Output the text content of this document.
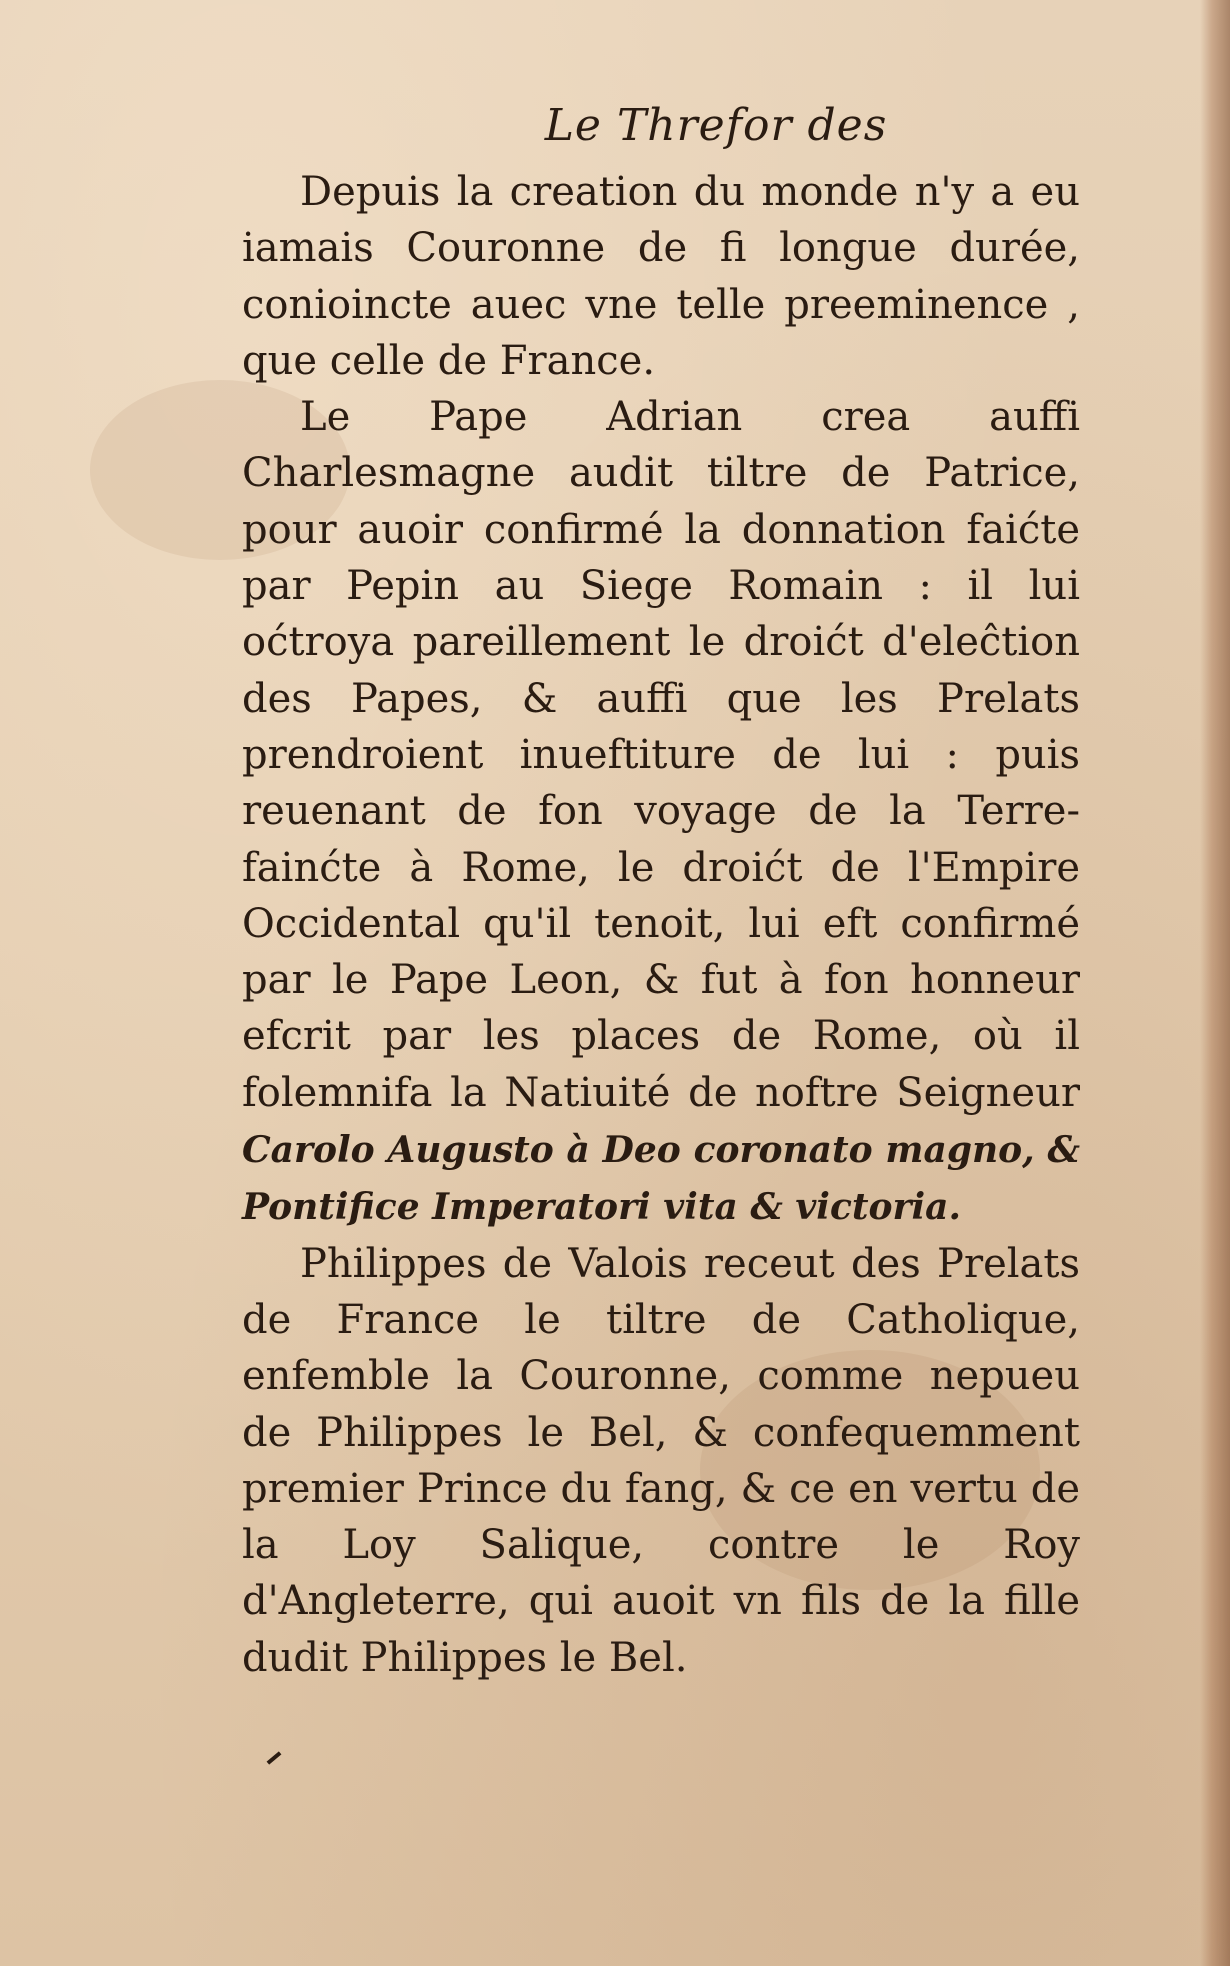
Le Threfor des

Depuis la creation du monde n'y a eu iamais Couronne de fi longue durée, conioincte auec vne telle preeminence , que celle de France.

Le Pape Adrian crea auffi Charlesmagne audit tiltre de Patrice, pour auoir confirmé la donnation faićte par Pepin au Siege Romain : il lui oćtroya pareillement le droićt d'eleĉtion des Papes, & auffi que les Prelats prendroient inueftiture de lui : puis reuenant de fon voyage de la Terre-fainćte à Rome, le droićt de l'Empire Occidental qu'il tenoit, lui eft confirmé par le Pape Leon, & fut à fon honneur efcrit par les places de Rome, où il folemnifa la Natiuité de noftre Seigneur Carolo Augusto à Deo coronato magno, & Pontifice Imperatori vita & victoria.

Philippes de Valois receut des Prelats de France le tiltre de Catholique, enfemble la Couronne, comme nepueu de Philippes le Bel, & confequemment premier Prince du fang, & ce en vertu de la Loy Salique, contre le Roy d'Angleterre, qui auoit vn fils de la fille dudit Philippes le Bel.
